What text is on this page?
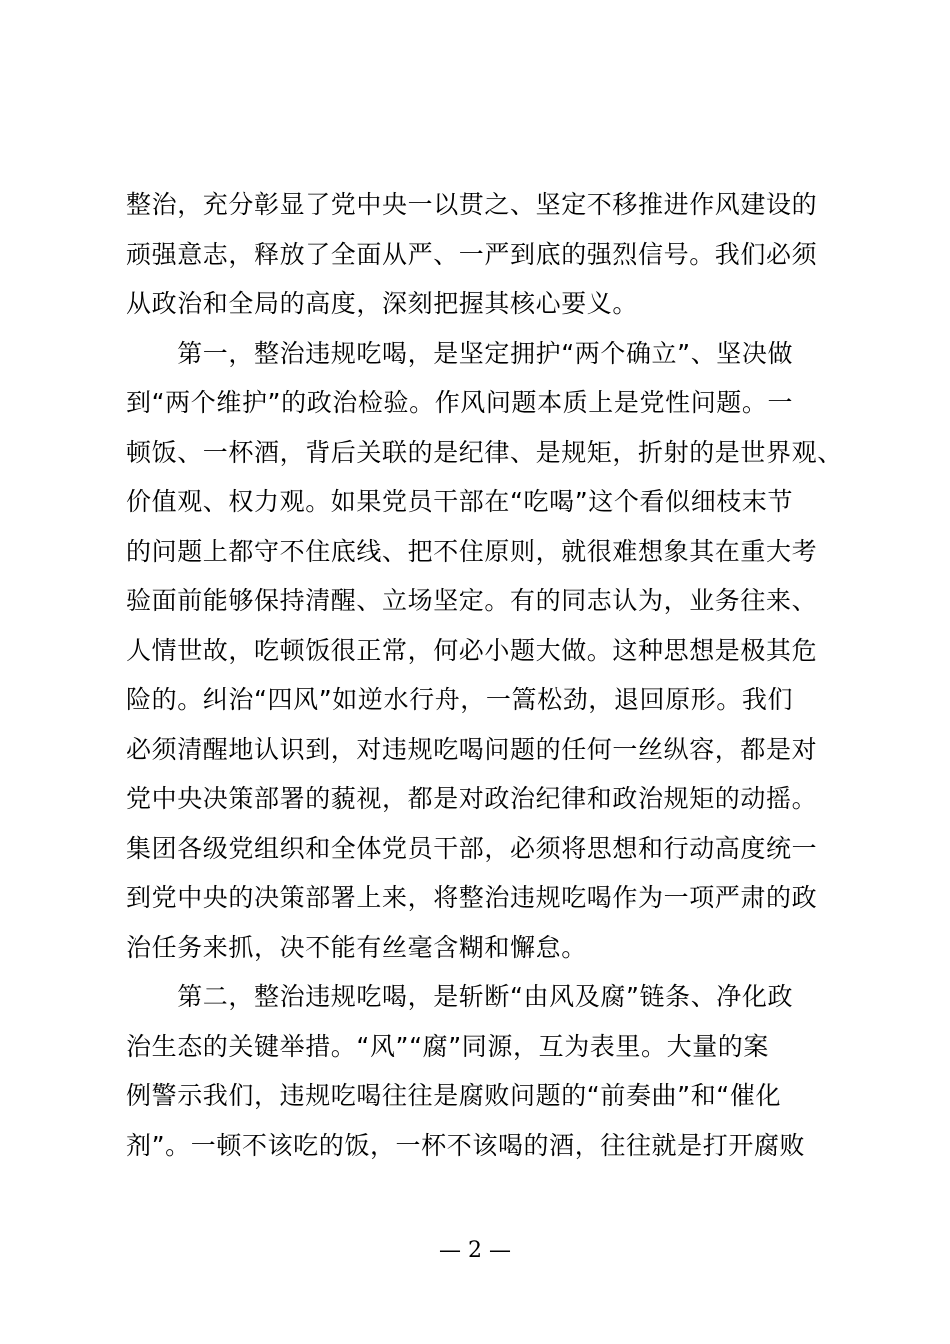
整治，充分彰显了党中央一以贯之、坚定不移推进作风建设的
顽强意志，释放了全面从严、一严到底的强烈信号。我们必须
从政治和全局的高度，深刻把握其核心要义。
　　第一，整治违规吃喝，是坚定拥护“两个确立”、坚决做
到“两个维护”的政治检验。作风问题本质上是党性问题。一
顿饭、一杯酒，背后关联的是纪律、是规矩，折射的是世界观、
价值观、权力观。如果党员干部在“吃喝”这个看似细枝末节
的问题上都守不住底线、把不住原则，就很难想象其在重大考
验面前能够保持清醒、立场坚定。有的同志认为，业务往来、
人情世故，吃顿饭很正常，何必小题大做。这种思想是极其危
险的。纠治“四风”如逆水行舟，一篙松劲，退回原形。我们
必须清醒地认识到，对违规吃喝问题的任何一丝纵容，都是对
党中央决策部署的藐视，都是对政治纪律和政治规矩的动摇。
集团各级党组织和全体党员干部，必须将思想和行动高度统一
到党中央的决策部署上来，将整治违规吃喝作为一项严肃的政
治任务来抓，决不能有丝毫含糊和懈怠。
　　第二，整治违规吃喝，是斩断“由风及腐”链条、净化政
治生态的关键举措。“风”“腐”同源，互为表里。大量的案
例警示我们，违规吃喝往往是腐败问题的“前奏曲”和“催化
剂”。一顿不该吃的饭，一杯不该喝的酒，往往就是打开腐败
— 2 —
